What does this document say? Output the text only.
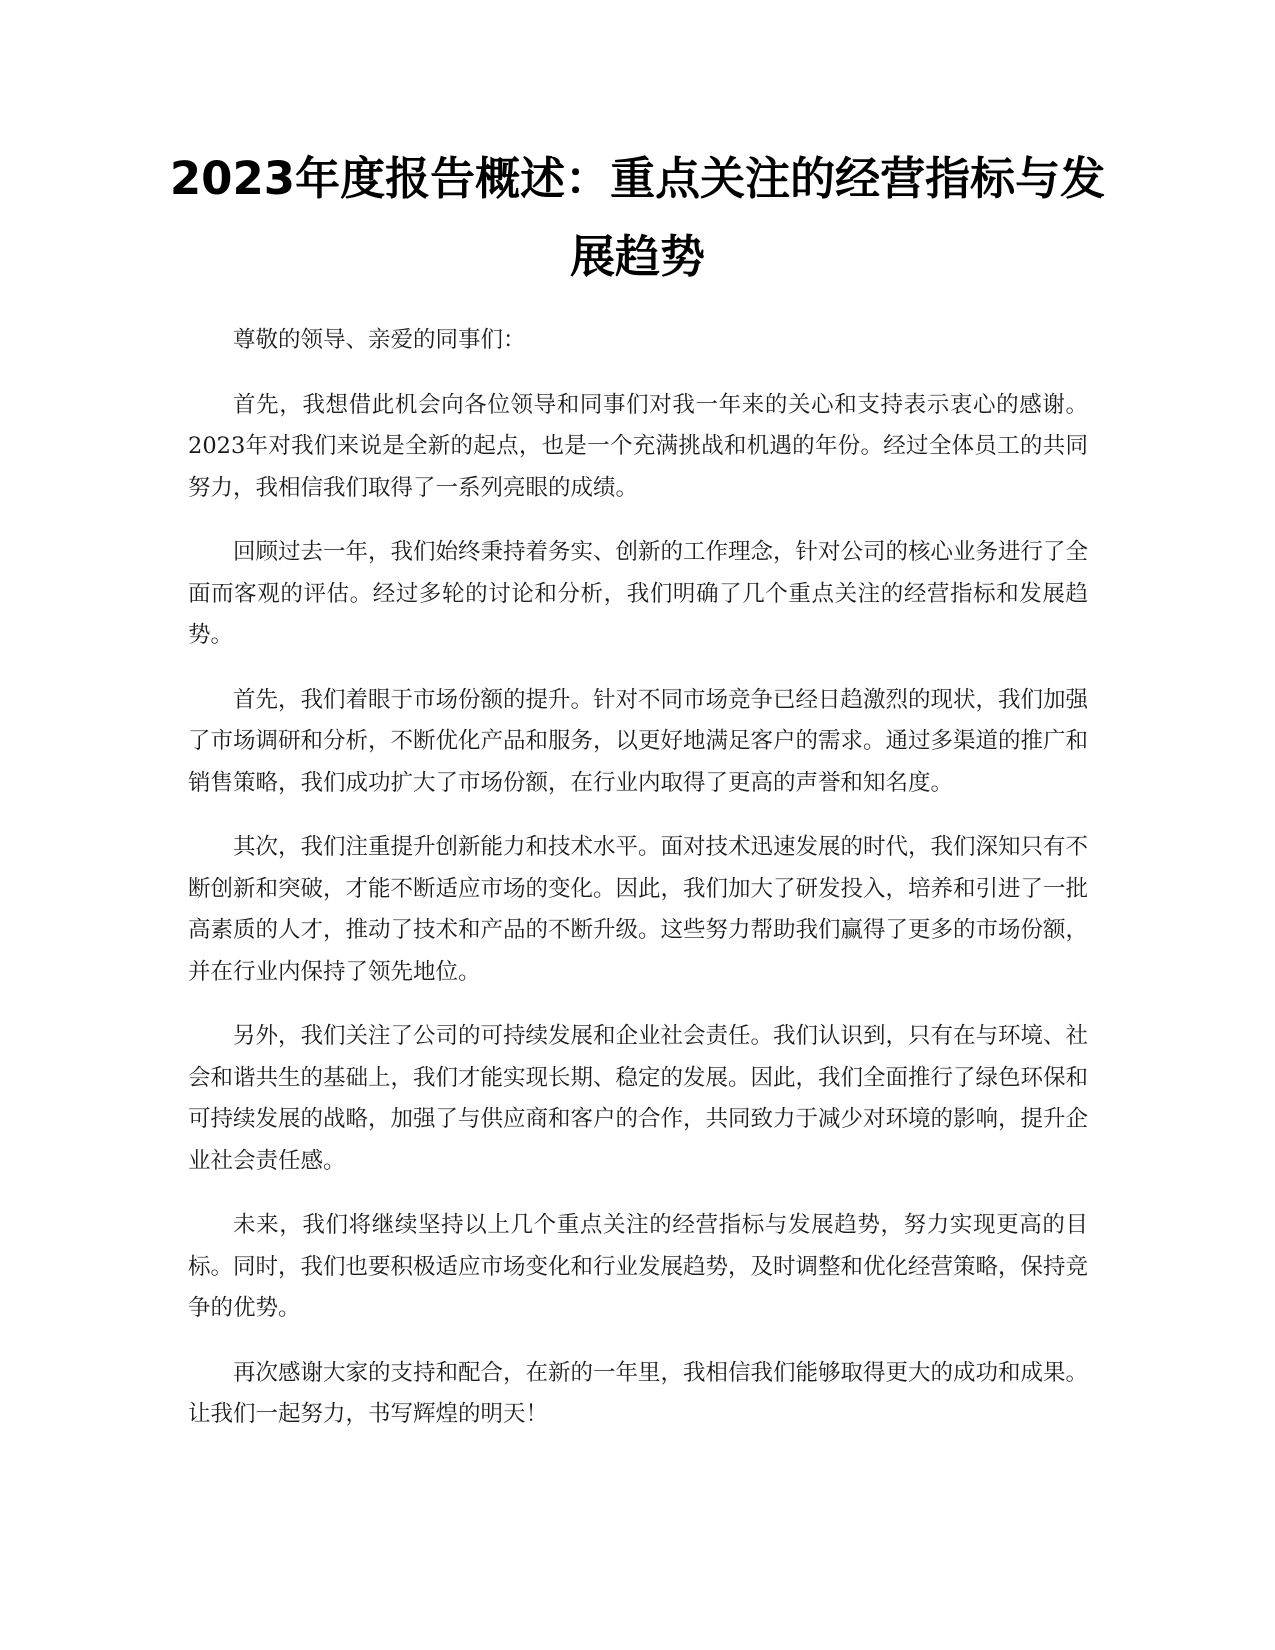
2023年度报告概述：重点关注的经营指标与发展趋势

尊敬的领导、亲爱的同事们：

首先，我想借此机会向各位领导和同事们对我一年来的关心和支持表示衷心的感谢。2023年对我们来说是全新的起点，也是一个充满挑战和机遇的年份。经过全体员工的共同努力，我相信我们取得了一系列亮眼的成绩。

回顾过去一年，我们始终秉持着务实、创新的工作理念，针对公司的核心业务进行了全面而客观的评估。经过多轮的讨论和分析，我们明确了几个重点关注的经营指标和发展趋势。

首先，我们着眼于市场份额的提升。针对不同市场竞争已经日趋激烈的现状，我们加强了市场调研和分析，不断优化产品和服务，以更好地满足客户的需求。通过多渠道的推广和销售策略，我们成功扩大了市场份额，在行业内取得了更高的声誉和知名度。

其次，我们注重提升创新能力和技术水平。面对技术迅速发展的时代，我们深知只有不断创新和突破，才能不断适应市场的变化。因此，我们加大了研发投入，培养和引进了一批高素质的人才，推动了技术和产品的不断升级。这些努力帮助我们赢得了更多的市场份额，并在行业内保持了领先地位。

另外，我们关注了公司的可持续发展和企业社会责任。我们认识到，只有在与环境、社会和谐共生的基础上，我们才能实现长期、稳定的发展。因此，我们全面推行了绿色环保和可持续发展的战略，加强了与供应商和客户的合作，共同致力于减少对环境的影响，提升企业社会责任感。

未来，我们将继续坚持以上几个重点关注的经营指标与发展趋势，努力实现更高的目标。同时，我们也要积极适应市场变化和行业发展趋势，及时调整和优化经营策略，保持竞争的优势。

再次感谢大家的支持和配合，在新的一年里，我相信我们能够取得更大的成功和成果。让我们一起努力，书写辉煌的明天！
